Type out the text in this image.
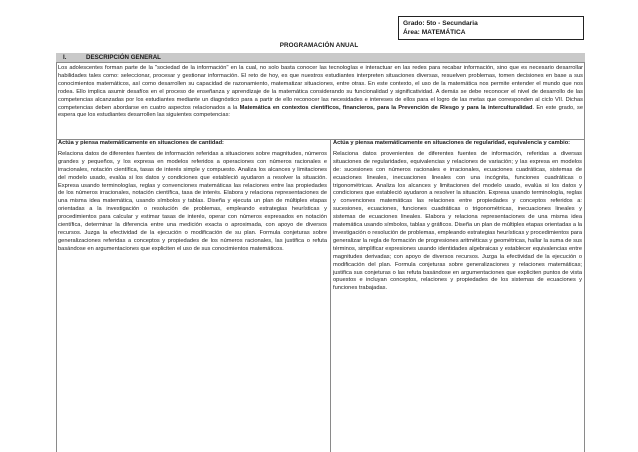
Grado: 5to - Secundaria
Área: MATEMÁTICA
PROGRAMACIÓN ANUAL
I.	DESCRIPCIÓN GENERAL
Los adolescentes forman parte de la "sociedad de la información" en la cual, no solo basta conocer las tecnologías e interactuar en las redes para recabar información, sino que es necesario desarrollar habilidades tales como: seleccionar, procesar y gestionar información. El reto de hoy, es que nuestros estudiantes interpreten situaciones diversas, resuelven problemas, tomen decisiones en base a sus conocimientos matemáticos, así como desarrollen su capacidad de razonamiento, matematizar situaciones, entre otras. En este contexto, el uso de la matemática nos permite entender el mundo que nos rodea. Ello implica asumir desafíos en el proceso de enseñanza y aprendizaje de la matemática considerando su funcionalidad y significatividad. A demás se debe reconocer el nivel de desarrollo de las competencias alcanzadas por los estudiantes mediante un diagnóstico para a partir de ello reconocer las necesidades e intereses de ellos para el logro de las metas que corresponden al ciclo VII. Dichas competencias deben abordarse en cuatro aspectos relacionados a la Matemática en contextos científicos, financieros, para la Prevención de Riesgo y para la interculturalidad. En este grado, se espera que los estudiantes desarrollen las siguientes competencias:

Actúa y piensa matemáticamente en situaciones de cantidad:

Relaciona datos de diferentes fuentes de información referidas a situaciones sobre magnitudes, números grandes y pequeños, y los expresa en modelos referidos a operaciones con números racionales e irracionales, notación científica, tasas de interés simple y compuesto. Analiza los alcances y limitaciones del modelo usado, evalúa si los datos y condiciones que estableció ayudaron a resolver la situación. Expresa usando terminologías, reglas y convenciones matemáticas las relaciones entre las propiedades de los números irracionales, notación científica, tasa de interés. Elabora y relaciona representaciones de una misma idea matemática, usando símbolos y tablas. Diseña y ejecuta un plan de múltiples etapas orientadas a la investigación o resolución de problemas, empleando estrategias heurísticas y procedimientos para calcular y estimar tasas de interés, operar con números expresados en notación científica, determinar la diferencia entre una medición exacta o aproximada, con apoyo de diversos recursos. Juzga la efectividad de la ejecución o modificación de su plan. Formula conjeturas sobre generalizaciones referidas a conceptos y propiedades de los números racionales, las justifica o refuta basándose en argumentaciones que expliciten el uso de sus conocimientos matemáticos.

Actúa y piensa matemáticamente en situaciones de regularidad, equivalencia y cambio:

Relaciona datos provenientes de diferentes fuentes de información, referidas a diversas situaciones de regularidades, equivalencias y relaciones de variación; y las expresa en modelos de: sucesiones con números racionales e irracionales, ecuaciones cuadráticas, sistemas de ecuaciones lineales, inecuaciones lineales con una incógnita, funciones cuadráticas o trigonométricas. Analiza los alcances y limitaciones del modelo usado, evalúa si los datos y condiciones que estableció ayudaron a resolver la situación. Expresa usando terminología, reglas y convenciones matemáticas las relaciones entre propiedades y conceptos referidos a: sucesiones, ecuaciones, funciones cuadráticas o trigonométricas, inecuaciones lineales y sistemas de ecuaciones lineales. Elabora y relaciona representaciones de una misma idea matemática usando símbolos, tablas y gráficos. Diseña un plan de múltiples etapas orientadas a la investigación o resolución de problemas, empleando estrategias heurísticas y procedimientos para generalizar la regla de formación de progresiones aritméticas y geométricas, hallar la suma de sus términos, simplificar expresiones usando identidades algebraicas y establecer equivalencias entre magnitudes derivadas; con apoyo de diversos recursos. Juzga la efectividad de la ejecución o modificación del plan. Formula conjeturas sobre generalizaciones y relaciones matemáticas; justifica sus conjeturas o las refuta basándose en argumentaciones que expliciten puntos de vista opuestos e incluyan conceptos, relaciones y propiedades de los sistemas de ecuaciones y funciones trabajadas.
